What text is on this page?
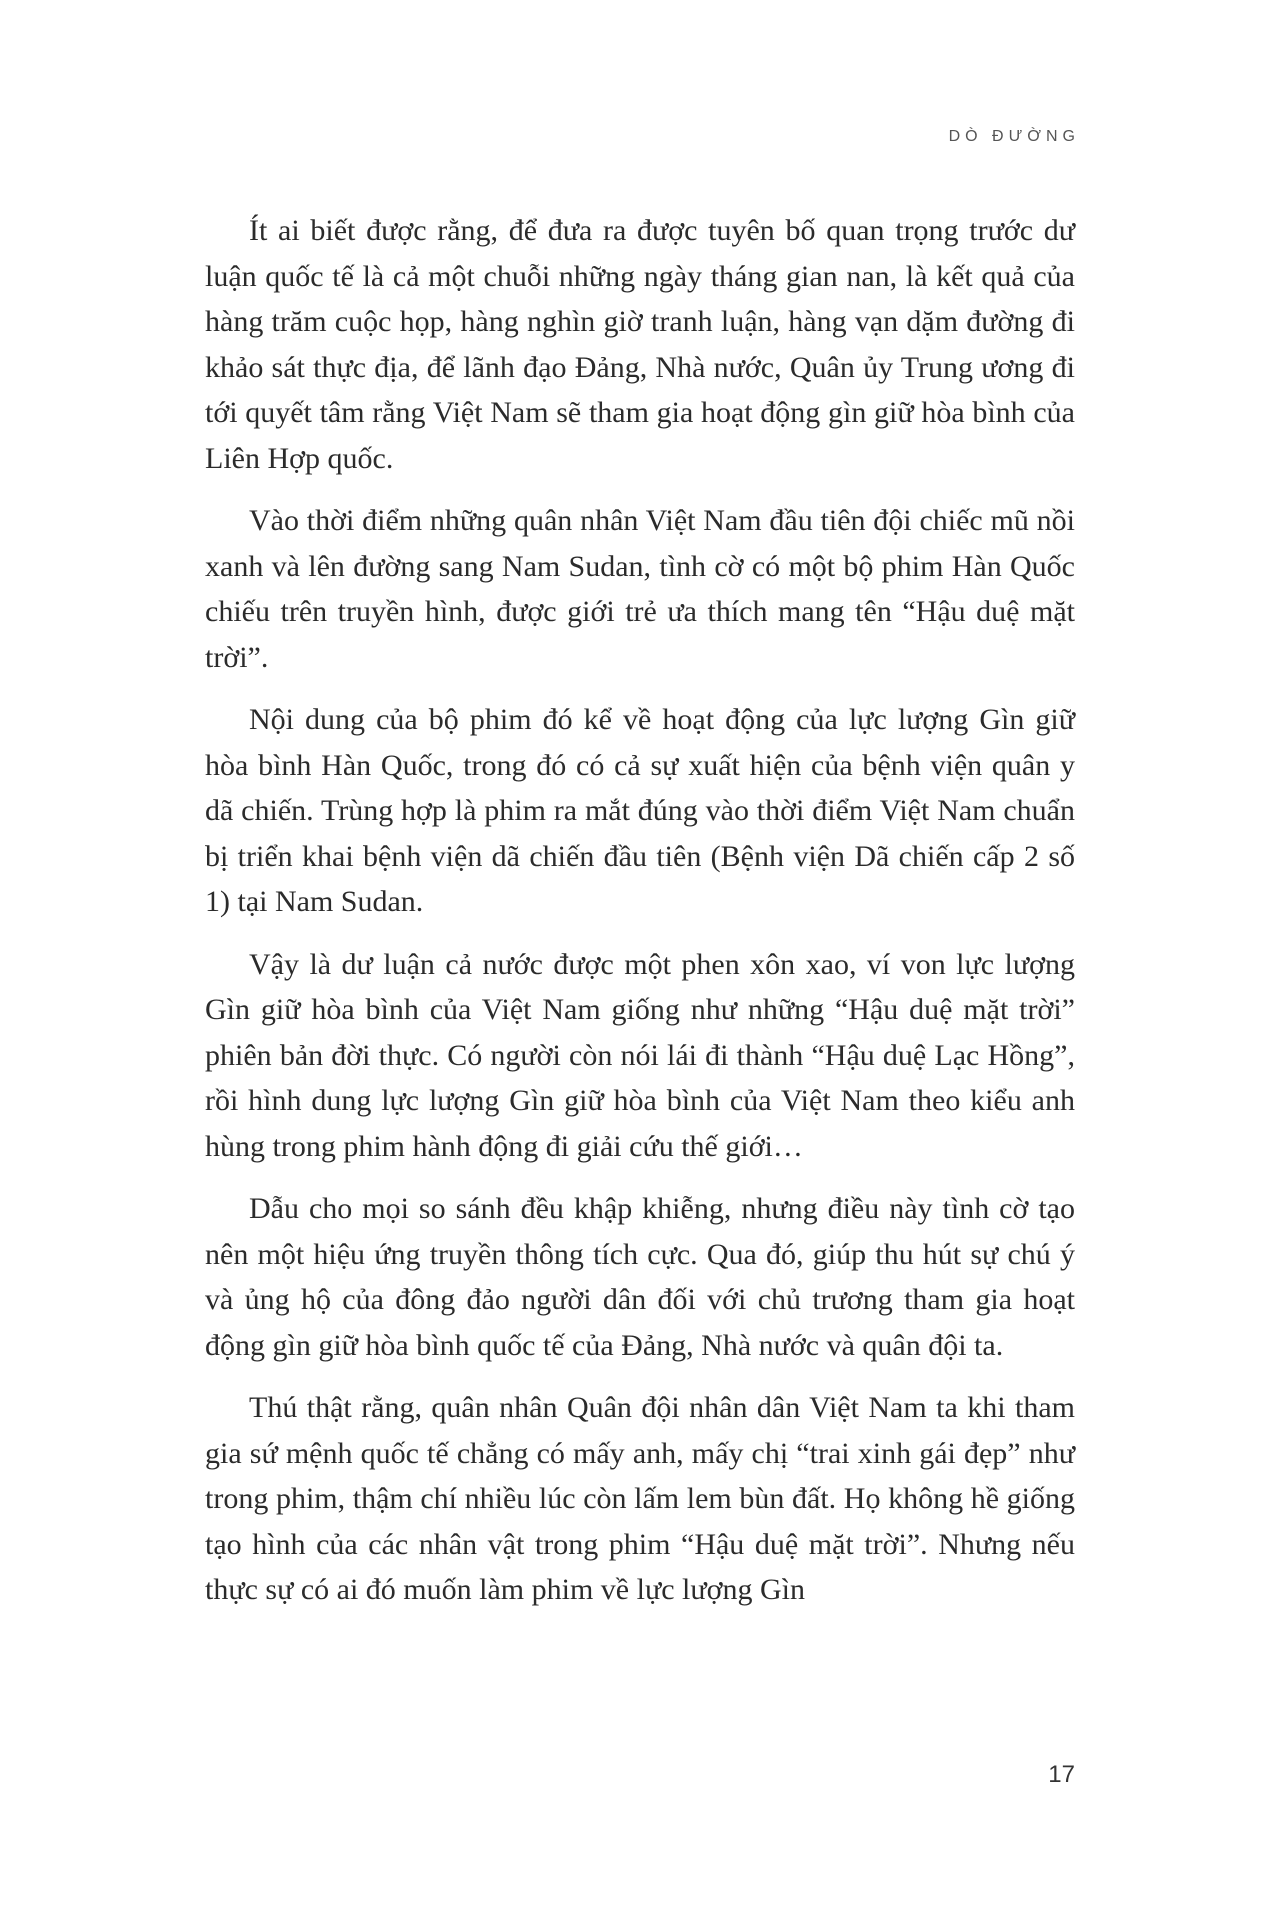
DÒ ĐƯỜNG

Ít ai biết được rằng, để đưa ra được tuyên bố quan trọng trước dư luận quốc tế là cả một chuỗi những ngày tháng gian nan, là kết quả của hàng trăm cuộc họp, hàng nghìn giờ tranh luận, hàng vạn dặm đường đi khảo sát thực địa, để lãnh đạo Đảng, Nhà nước, Quân ủy Trung ương đi tới quyết tâm rằng Việt Nam sẽ tham gia hoạt động gìn giữ hòa bình của Liên Hợp quốc.

Vào thời điểm những quân nhân Việt Nam đầu tiên đội chiếc mũ nồi xanh và lên đường sang Nam Sudan, tình cờ có một bộ phim Hàn Quốc chiếu trên truyền hình, được giới trẻ ưa thích mang tên “Hậu duệ mặt trời”.

Nội dung của bộ phim đó kể về hoạt động của lực lượng Gìn giữ hòa bình Hàn Quốc, trong đó có cả sự xuất hiện của bệnh viện quân y dã chiến. Trùng hợp là phim ra mắt đúng vào thời điểm Việt Nam chuẩn bị triển khai bệnh viện dã chiến đầu tiên (Bệnh viện Dã chiến cấp 2 số 1) tại Nam Sudan.

Vậy là dư luận cả nước được một phen xôn xao, ví von lực lượng Gìn giữ hòa bình của Việt Nam giống như những “Hậu duệ mặt trời” phiên bản đời thực. Có người còn nói lái đi thành “Hậu duệ Lạc Hồng”, rồi hình dung lực lượng Gìn giữ hòa bình của Việt Nam theo kiểu anh hùng trong phim hành động đi giải cứu thế giới…

Dẫu cho mọi so sánh đều khập khiễng, nhưng điều này tình cờ tạo nên một hiệu ứng truyền thông tích cực. Qua đó, giúp thu hút sự chú ý và ủng hộ của đông đảo người dân đối với chủ trương tham gia hoạt động gìn giữ hòa bình quốc tế của Đảng, Nhà nước và quân đội ta.

Thú thật rằng, quân nhân Quân đội nhân dân Việt Nam ta khi tham gia sứ mệnh quốc tế chẳng có mấy anh, mấy chị “trai xinh gái đẹp” như trong phim, thậm chí nhiều lúc còn lấm lem bùn đất. Họ không hề giống tạo hình của các nhân vật trong phim “Hậu duệ mặt trời”. Nhưng nếu thực sự có ai đó muốn làm phim về lực lượng Gìn

17
